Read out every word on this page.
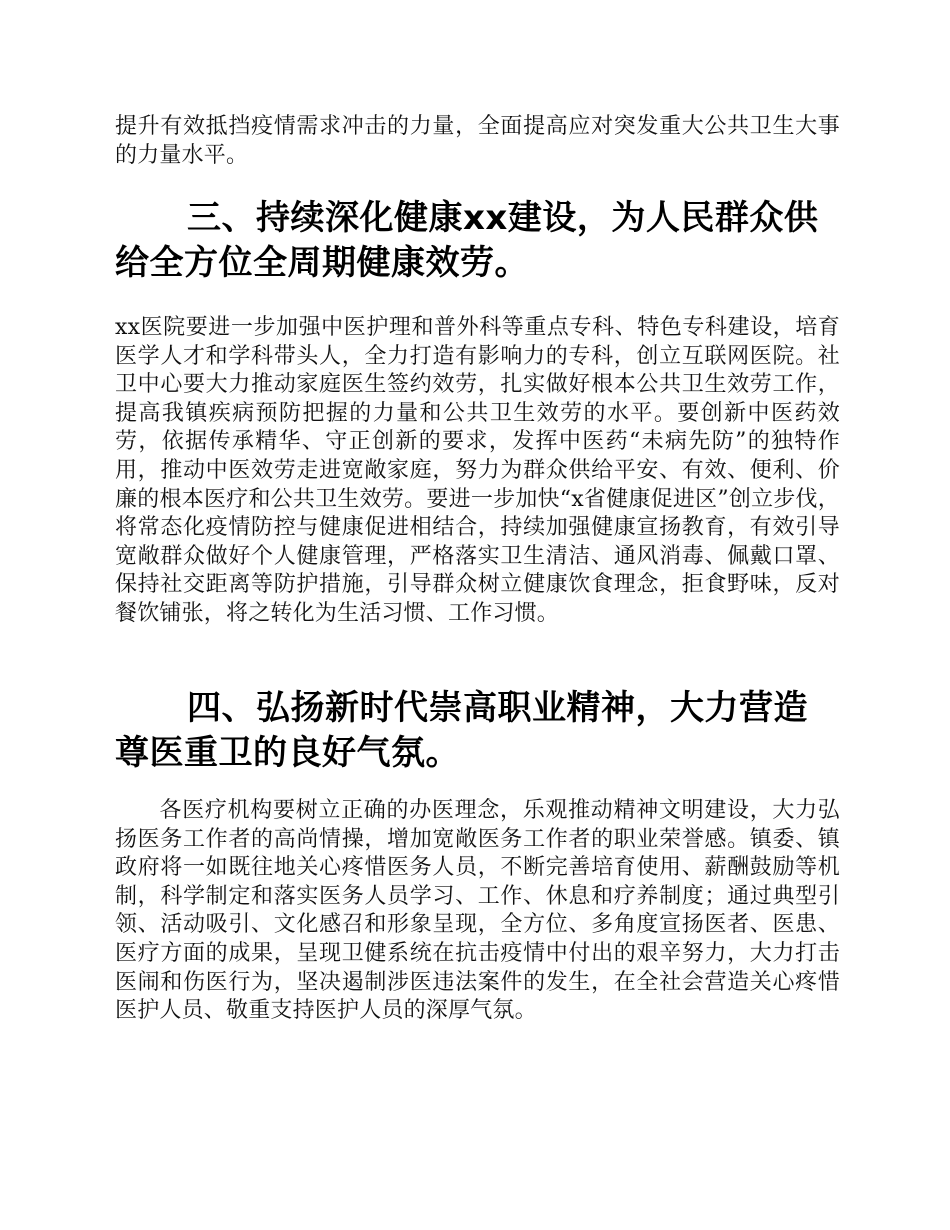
提升有效抵挡疫情需求冲击的力量，全面提高应对突发重大公共卫生大事的力量水平。

三、持续深化健康xx建设，为人民群众供给全方位全周期健康效劳。

xx医院要进一步加强中医护理和普外科等重点专科、特色专科建设，培育医学人才和学科带头人，全力打造有影响力的专科，创立互联网医院。社卫中心要大力推动家庭医生签约效劳，扎实做好根本公共卫生效劳工作，提高我镇疾病预防把握的力量和公共卫生效劳的水平。要创新中医药效劳，依据传承精华、守正创新的要求，发挥中医药“未病先防”的独特作用，推动中医效劳走进宽敞家庭，努力为群众供给平安、有效、便利、价廉的根本医疗和公共卫生效劳。要进一步加快“x省健康促进区”创立步伐，将常态化疫情防控与健康促进相结合，持续加强健康宣扬教育，有效引导宽敞群众做好个人健康管理，严格落实卫生清洁、通风消毒、佩戴口罩、保持社交距离等防护措施，引导群众树立健康饮食理念，拒食野味，反对餐饮铺张，将之转化为生活习惯、工作习惯。

四、弘扬新时代崇高职业精神，大力营造尊医重卫的良好气氛。

各医疗机构要树立正确的办医理念，乐观推动精神文明建设，大力弘扬医务工作者的高尚情操，增加宽敞医务工作者的职业荣誉感。镇委、镇政府将一如既往地关心疼惜医务人员，不断完善培育使用、薪酬鼓励等机制，科学制定和落实医务人员学习、工作、休息和疗养制度；通过典型引领、活动吸引、文化感召和形象呈现，全方位、多角度宣扬医者、医患、医疗方面的成果，呈现卫健系统在抗击疫情中付出的艰辛努力，大力打击医闹和伤医行为，坚决遏制涉医违法案件的发生，在全社会营造关心疼惜医护人员、敬重支持医护人员的深厚气氛。
